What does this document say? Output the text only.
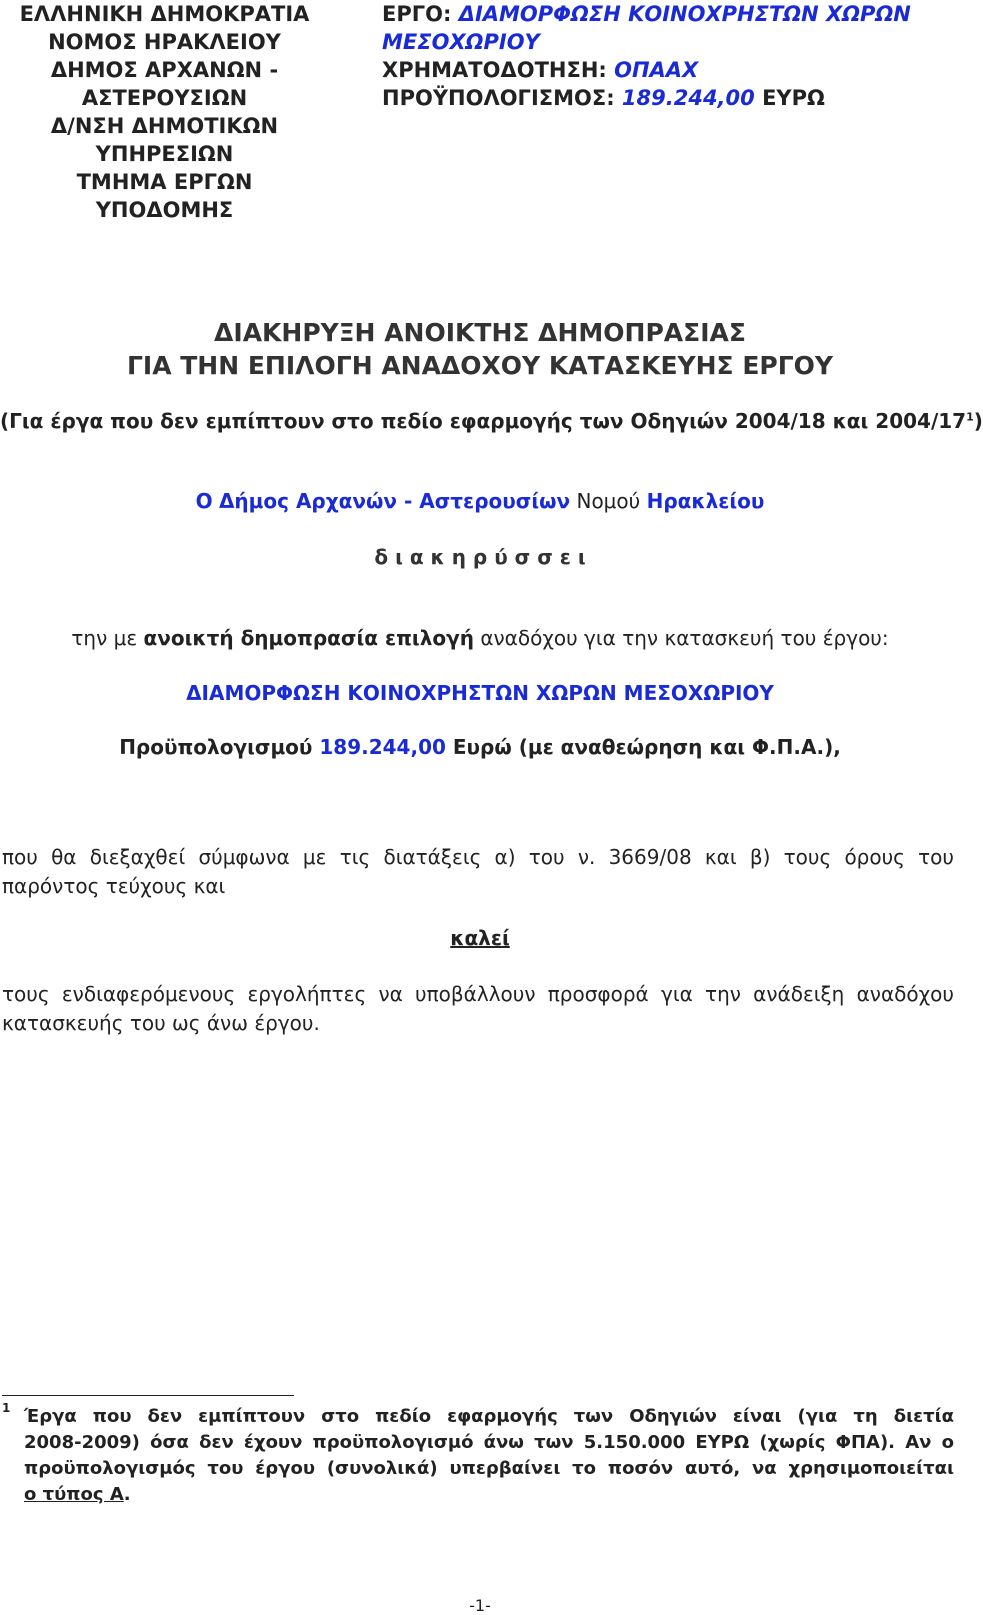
ΕΛΛΗΝΙΚΗ ΔΗΜΟΚΡΑΤΙΑ
ΝΟΜΟΣ ΗΡΑΚΛΕΙΟΥ
ΔΗΜΟΣ ΑΡΧΑΝΩΝ -
ΑΣΤΕΡΟΥΣΙΩΝ
Δ/ΝΣΗ ΔΗΜΟΤΙΚΩΝ
ΥΠΗΡΕΣΙΩΝ
ΤΜΗΜΑ ΕΡΓΩΝ
ΥΠΟΔΟΜΗΣ
ΕΡΓΟ: ΔΙΑΜΟΡΦΩΣΗ ΚΟΙΝΟΧΡΗΣΤΩΝ ΧΩΡΩΝ
ΜΕΣΟΧΩΡΙΟΥ
ΧΡΗΜΑΤΟΔΟΤΗΣΗ: ΟΠΑΑΧ
ΠΡΟΫΠΟΛΟΓΙΣΜΟΣ: 189.244,00 ΕΥΡΩ
ΔΙΑΚΗΡΥΞΗ ΑΝΟΙΚΤΗΣ ΔΗΜΟΠΡΑΣΙΑΣ
ΓΙΑ ΤΗΝ ΕΠΙΛΟΓΗ ΑΝΑΔΟΧΟΥ ΚΑΤΑΣΚΕΥΗΣ ΕΡΓΟΥ
(Για έργα που δεν εμπίπτουν στο πεδίο εφαρμογής των Οδηγιών 2004/18 και $2004/17^1$)
Ο Δήμος Αρχανών - Αστερουσίων Νομού Ηρακλείου
δ ι α κ η ρ ύ σ σ ε ι
την με ανοικτή δημοπρασία επιλογή αναδόχου για την κατασκευή του έργου:
ΔΙΑΜΟΡΦΩΣΗ ΚΟΙΝΟΧΡΗΣΤΩΝ ΧΩΡΩΝ ΜΕΣΟΧΩΡΙΟΥ
Προϋπολογισμού 189.244,00 Ευρώ (με αναθεώρηση και Φ.Π.Α.),
που θα διεξαχθεί σύμφωνα με τις διατάξεις α) του ν. 3669/08 και β) τους όρους του παρόντος τεύχους και
καλεί
τους ενδιαφερόμενους εργολήπτες να υποβάλλουν προσφορά για την ανάδειξη αναδόχου κατασκευής του ως άνω έργου.
1 Έργα που δεν εμπίπτουν στο πεδίο εφαρμογής των Οδηγιών είναι (για τη διετία
2008-2009) όσα δεν έχουν προϋπολογισμό άνω των 5.150.000 ΕΥΡΩ (χωρίς ΦΠΑ). Αν ο
προϋπολογισμός του έργου (συνολικά) υπερβαίνει το ποσόν αυτό, να χρησιμοποιείται
ο τύπος Α.
-1-
